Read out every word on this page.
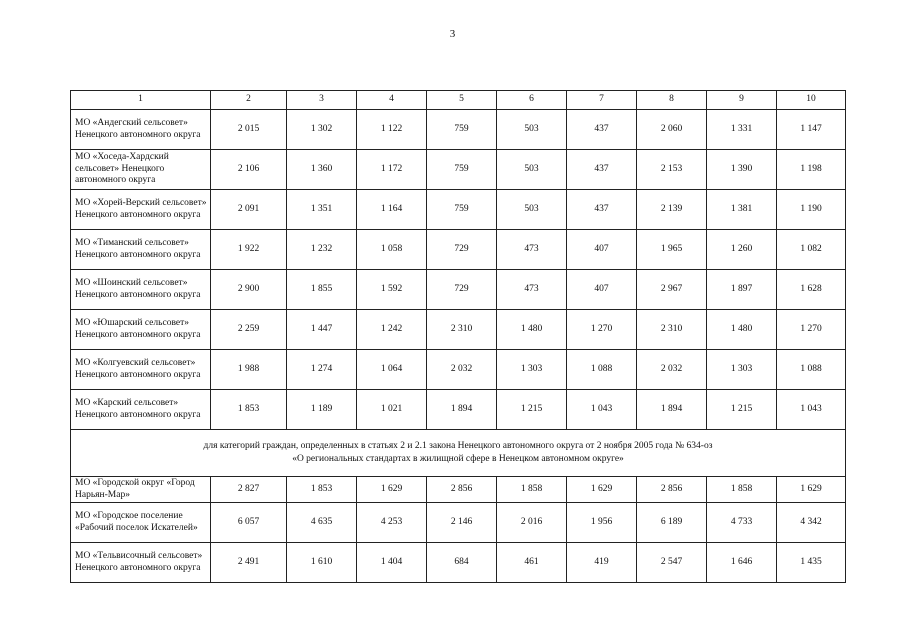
3
1	2	3	4	5	6	7	8	9	10
МО «Андегский сельсовет» Ненецкого автономного округа	2 015	1 302	1 122	759	503	437	2 060	1 331	1 147
МО «Хоседа-Хардский сельсовет» Ненецкого автономного округа	2 106	1 360	1 172	759	503	437	2 153	1 390	1 198
МО «Хорей-Верский сельсовет» Ненецкого автономного округа	2 091	1 351	1 164	759	503	437	2 139	1 381	1 190
МО «Тиманский сельсовет» Ненецкого автономного округа	1 922	1 232	1 058	729	473	407	1 965	1 260	1 082
МО «Шоинский сельсовет» Ненецкого автономного округа	2 900	1 855	1 592	729	473	407	2 967	1 897	1 628
МО «Юшарский сельсовет» Ненецкого автономного округа	2 259	1 447	1 242	2 310	1 480	1 270	2 310	1 480	1 270
МО «Колгуевский сельсовет» Ненецкого автономного округа	1 988	1 274	1 064	2 032	1 303	1 088	2 032	1 303	1 088
МО «Карский сельсовет» Ненецкого автономного округа	1 853	1 189	1 021	1 894	1 215	1 043	1 894	1 215	1 043

для категорий граждан, определенных в статьях 2 и 2.1 закона Ненецкого автономного округа от 2 ноября 2005 года № 634-оз
«О региональных стандартах в жилищной сфере в Ненецком автономном округе»									

МО «Городской округ «Город Нарьян-Мар»	2 827	1 853	1 629	2 856	1 858	1 629	2 856	1 858	1 629
МО «Городское поселение «Рабочий поселок Искателей»	6 057	4 635	4 253	2 146	2 016	1 956	6 189	4 733	4 342
МО «Тельвисочный сельсовет» Ненецкого автономного округа	2 491	1 610	1 404	684	461	419	2 547	1 646	1 435
